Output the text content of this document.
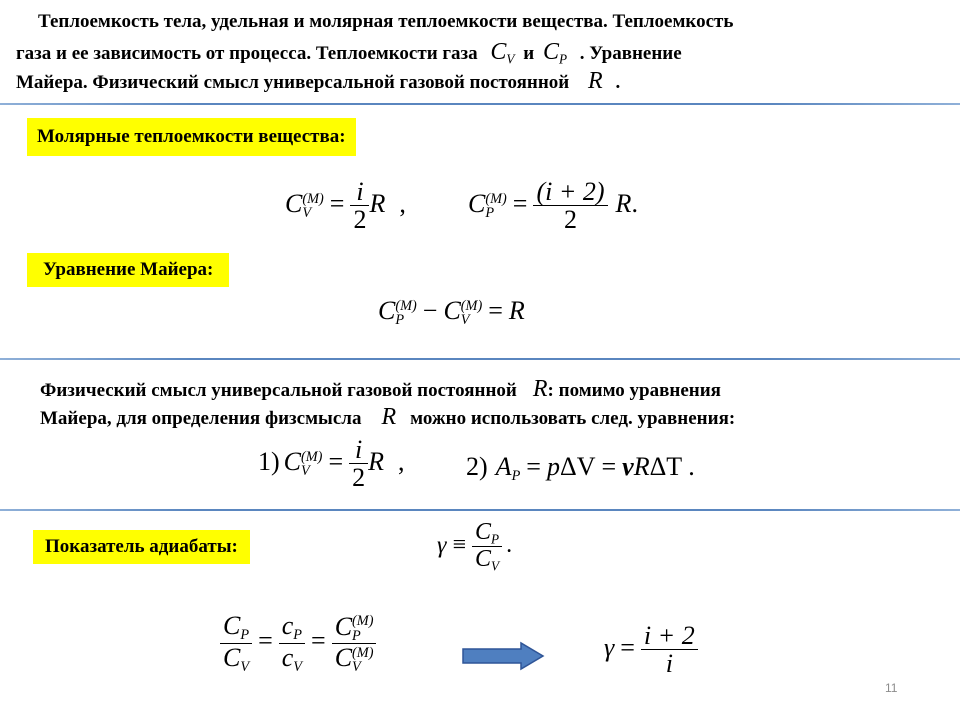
Теплоемкость тела, удельная и молярная теплоемкости вещества. Теплоемкость
газа и ее зависимость от процесса. Теплоемкости газа $C_V$ и $C_P$ . Уравнение
Майера. Физический смысл универсальной газовой постоянной R .
Молярные теплоемкости вещества:
C (M)
$V = \frac{i}{2}$ R , C (M)
$P = \frac{(i + 2)}{2} R$.
Уравнение Майера:
C (M)
P − C (M)
V = R
Физический смысл универсальной газовой постоянной R: помимо уравнения
Майера, для определения физсмысла R можно использовать след. уравнения:
1) C (M)
$V = \frac{i}{2}$ R , 2) $A_P = p\Delta V = \nu R\Delta T$ .
Показатель адиабаты:	$\gamma \equiv \frac{C_P}{C_V}$ .
$\frac{C_P}{C_V} = \frac{c_P}{c_V} = C$ (M)
P
C (M)
V	$\gamma = \frac{i + 2}{i}$
11
